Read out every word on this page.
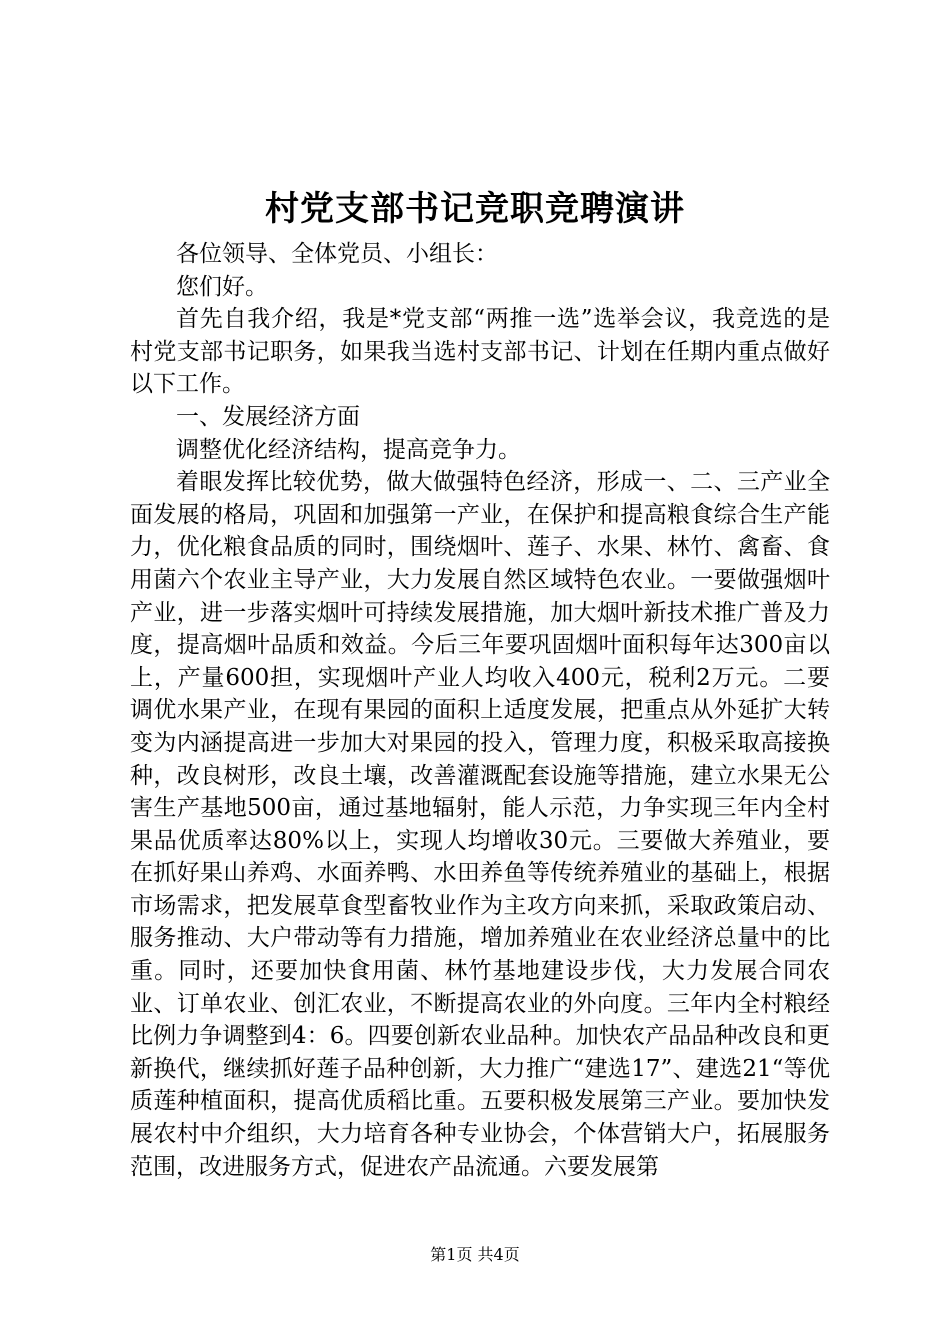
村党支部书记竞职竞聘演讲

各位领导、全体党员、小组长：

您们好。

首先自我介绍，我是*党支部“两推一选”选举会议，我竞选的是村党支部书记职务，如果我当选村支部书记、计划在任期内重点做好以下工作。

一、发展经济方面

调整优化经济结构，提高竞争力。

着眼发挥比较优势，做大做强特色经济，形成一、二、三产业全面发展的格局，巩固和加强第一产业，在保护和提高粮食综合生产能力，优化粮食品质的同时，围绕烟叶、莲子、水果、林竹、禽畜、食用菌六个农业主导产业，大力发展自然区域特色农业。一要做强烟叶产业，进一步落实烟叶可持续发展措施，加大烟叶新技术推广普及力度，提高烟叶品质和效益。今后三年要巩固烟叶面积每年达300亩以上，产量600担，实现烟叶产业人均收入400元，税利2万元。二要调优水果产业，在现有果园的面积上适度发展，把重点从外延扩大转变为内涵提高进一步加大对果园的投入，管理力度，积极采取高接换种，改良树形，改良土壤，改善灌溉配套设施等措施，建立水果无公害生产基地500亩，通过基地辐射，能人示范，力争实现三年内全村果品优质率达80%以上，实现人均增收30元。三要做大养殖业，要在抓好果山养鸡、水面养鸭、水田养鱼等传统养殖业的基础上，根据市场需求，把发展草食型畜牧业作为主攻方向来抓，采取政策启动、服务推动、大户带动等有力措施，增加养殖业在农业经济总量中的比重。同时，还要加快食用菌、林竹基地建设步伐，大力发展合同农业、订单农业、创汇农业，不断提高农业的外向度。三年内全村粮经比例力争调整到4：6。四要创新农业品种。加快农产品品种改良和更新换代，继续抓好莲子品种创新，大力推广“建选17”、建选21“等优质莲种植面积，提高优质稻比重。五要积极发展第三产业。要加快发展农村中介组织，大力培育各种专业协会，个体营销大户，拓展服务范围，改进服务方式，促进农产品流通。六要发展第

第1页 共4页
